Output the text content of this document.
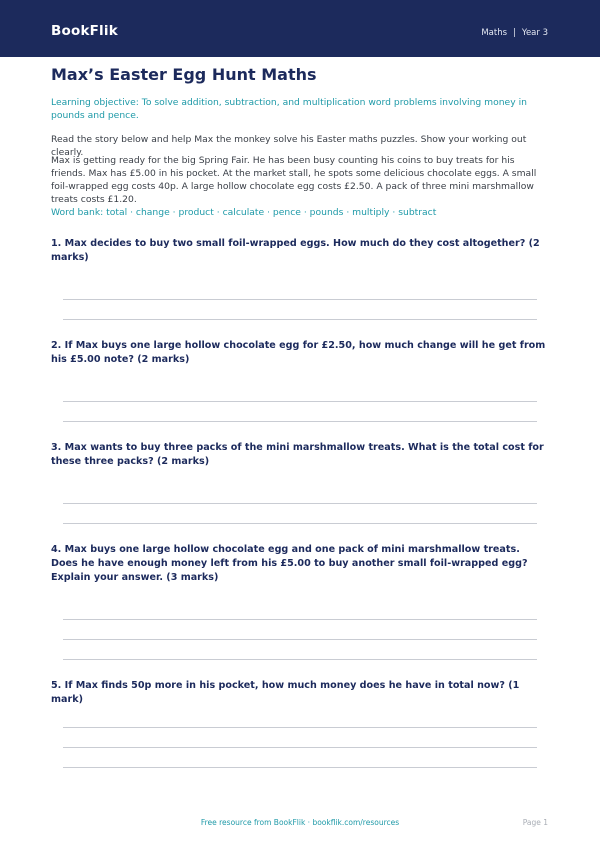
BookFlik	Maths | Year 3
Max’s Easter Egg Hunt Maths

Learning objective: To solve addition, subtraction, and multiplication word problems involving money in pounds and pence.

Read the story below and help Max the monkey solve his Easter maths puzzles. Show your working out clearly.

Max is getting ready for the big Spring Fair. He has been busy counting his coins to buy treats for his friends. Max has £5.00 in his pocket. At the market stall, he spots some delicious chocolate eggs. A small foil-wrapped egg costs 40p. A large hollow chocolate egg costs £2.50. A pack of three mini marshmallow treats costs £1.20.

Word bank: total · change · product · calculate · pence · pounds · multiply · subtract

1. Max decides to buy two small foil-wrapped eggs. How much do they cost altogether? (2 marks)

2. If Max buys one large hollow chocolate egg for £2.50, how much change will he get from his £5.00 note? (2 marks)

3. Max wants to buy three packs of the mini marshmallow treats. What is the total cost for these three packs? (2 marks)

4. Max buys one large hollow chocolate egg and one pack of mini marshmallow treats. Does he have enough money left from his £5.00 to buy another small foil-wrapped egg? Explain your answer. (3 marks)

5. If Max finds 50p more in his pocket, how much money does he have in total now? (1 mark)

Free resource from BookFlik · bookflik.com/resources	Page 1
